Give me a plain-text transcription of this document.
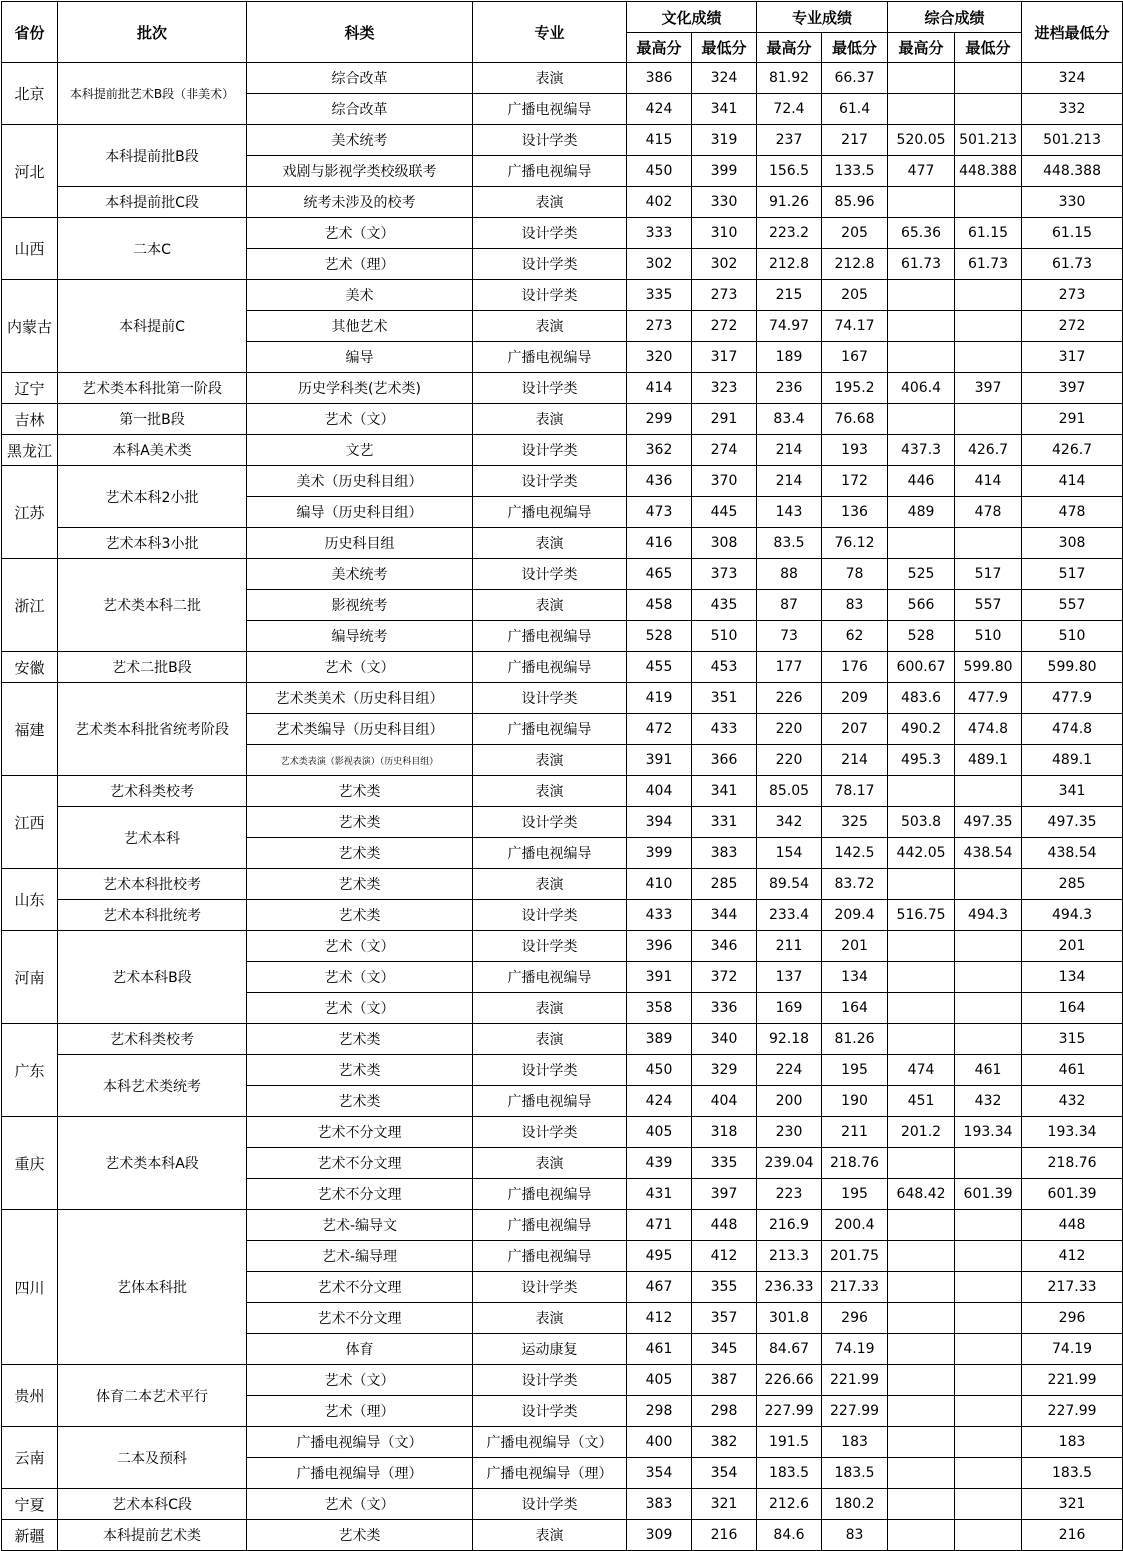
省份	批次	科类	专业	文化成绩		专业成绩		综合成绩		进档最低分
				最高分	最低分	最高分	最低分	最高分	最低分	
北京	本科提前批艺术B段（非美术）	综合改革	表演	386	324	81.92	66.37			324
		综合改革	广播电视编导	424	341	72.4	61.4			332
河北	本科提前批B段	美术统考	设计学类	415	319	237	217	520.05	501.213	501.213
		戏剧与影视学类校级联考	广播电视编导	450	399	156.5	133.5	477	448.388	448.388
	本科提前批C段	统考未涉及的校考	表演	402	330	91.26	85.96			330
山西	二本C	艺术（文）	设计学类	333	310	223.2	205	65.36	61.15	61.15
		艺术（理）	设计学类	302	302	212.8	212.8	61.73	61.73	61.73
内蒙古	本科提前C	美术	设计学类	335	273	215	205			273
		其他艺术	表演	273	272	74.97	74.17			272
		编导	广播电视编导	320	317	189	167			317
辽宁	艺术类本科批第一阶段	历史学科类(艺术类)	设计学类	414	323	236	195.2	406.4	397	397
吉林	第一批B段	艺术（文）	表演	299	291	83.4	76.68			291
黑龙江	本科A美术类	文艺	设计学类	362	274	214	193	437.3	426.7	426.7
江苏	艺术本科2小批	美术（历史科目组）	设计学类	436	370	214	172	446	414	414
		编导（历史科目组）	广播电视编导	473	445	143	136	489	478	478
	艺术本科3小批	历史科目组	表演	416	308	83.5	76.12			308
浙江	艺术类本科二批	美术统考	设计学类	465	373	88	78	525	517	517
		影视统考	表演	458	435	87	83	566	557	557
		编导统考	广播电视编导	528	510	73	62	528	510	510
安徽	艺术二批B段	艺术（文）	广播电视编导	455	453	177	176	600.67	599.80	599.80
福建	艺术类本科批省统考阶段	艺术类美术（历史科目组）	设计学类	419	351	226	209	483.6	477.9	477.9
		艺术类编导（历史科目组）	广播电视编导	472	433	220	207	490.2	474.8	474.8
		艺术类表演（影视表演）（历史科目组）	表演	391	366	220	214	495.3	489.1	489.1
江西	艺术科类校考	艺术类	表演	404	341	85.05	78.17			341
	艺术本科	艺术类	设计学类	394	331	342	325	503.8	497.35	497.35
		艺术类	广播电视编导	399	383	154	142.5	442.05	438.54	438.54
山东	艺术本科批校考	艺术类	表演	410	285	89.54	83.72			285
	艺术本科批统考	艺术类	设计学类	433	344	233.4	209.4	516.75	494.3	494.3
河南	艺术本科B段	艺术（文）	设计学类	396	346	211	201			201
		艺术（文）	广播电视编导	391	372	137	134			134
		艺术（文）	表演	358	336	169	164			164
广东	艺术科类校考	艺术类	表演	389	340	92.18	81.26			315
	本科艺术类统考	艺术类	设计学类	450	329	224	195	474	461	461
		艺术类	广播电视编导	424	404	200	190	451	432	432
重庆	艺术类本科A段	艺术不分文理	设计学类	405	318	230	211	201.2	193.34	193.34
		艺术不分文理	表演	439	335	239.04	218.76			218.76
		艺术不分文理	广播电视编导	431	397	223	195	648.42	601.39	601.39
四川	艺体本科批	艺术-编导文	广播电视编导	471	448	216.9	200.4			448
		艺术-编导理	广播电视编导	495	412	213.3	201.75			412
		艺术不分文理	设计学类	467	355	236.33	217.33			217.33
		艺术不分文理	表演	412	357	301.8	296			296
		体育	运动康复	461	345	84.67	74.19			74.19
贵州	体育二本艺术平行	艺术（文）	设计学类	405	387	226.66	221.99			221.99
		艺术（理）	设计学类	298	298	227.99	227.99			227.99
云南	二本及预科	广播电视编导（文）	广播电视编导（文）	400	382	191.5	183			183
		广播电视编导（理）	广播电视编导（理）	354	354	183.5	183.5			183.5
宁夏	艺术本科C段	艺术（文）	设计学类	383	321	212.6	180.2			321
新疆	本科提前艺术类	艺术类	表演	309	216	84.6	83			216
